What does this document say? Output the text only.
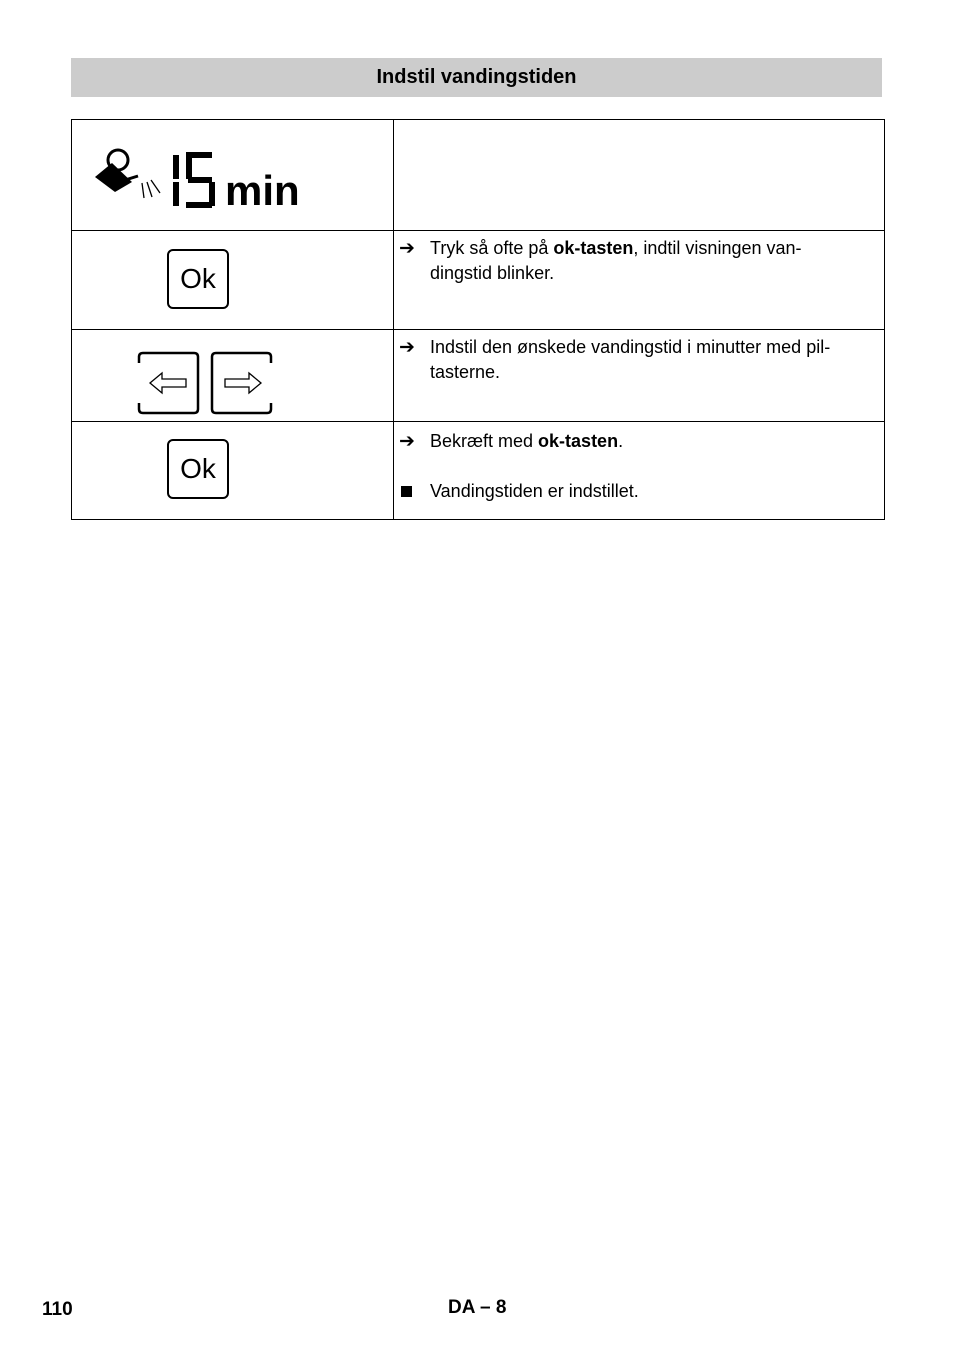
Indstil vandingstiden
min
15	

Ok	➔ Tryk så ofte på ok-tasten, indtil visningen van-
dingstid blinker.

➔ Indstil den ønskede vandingstid i minutter med pil-
tasterne.

Ok	➔ Bekræft med ok-tasten.
Vandingstiden er indstillet.
110	DA – 8
